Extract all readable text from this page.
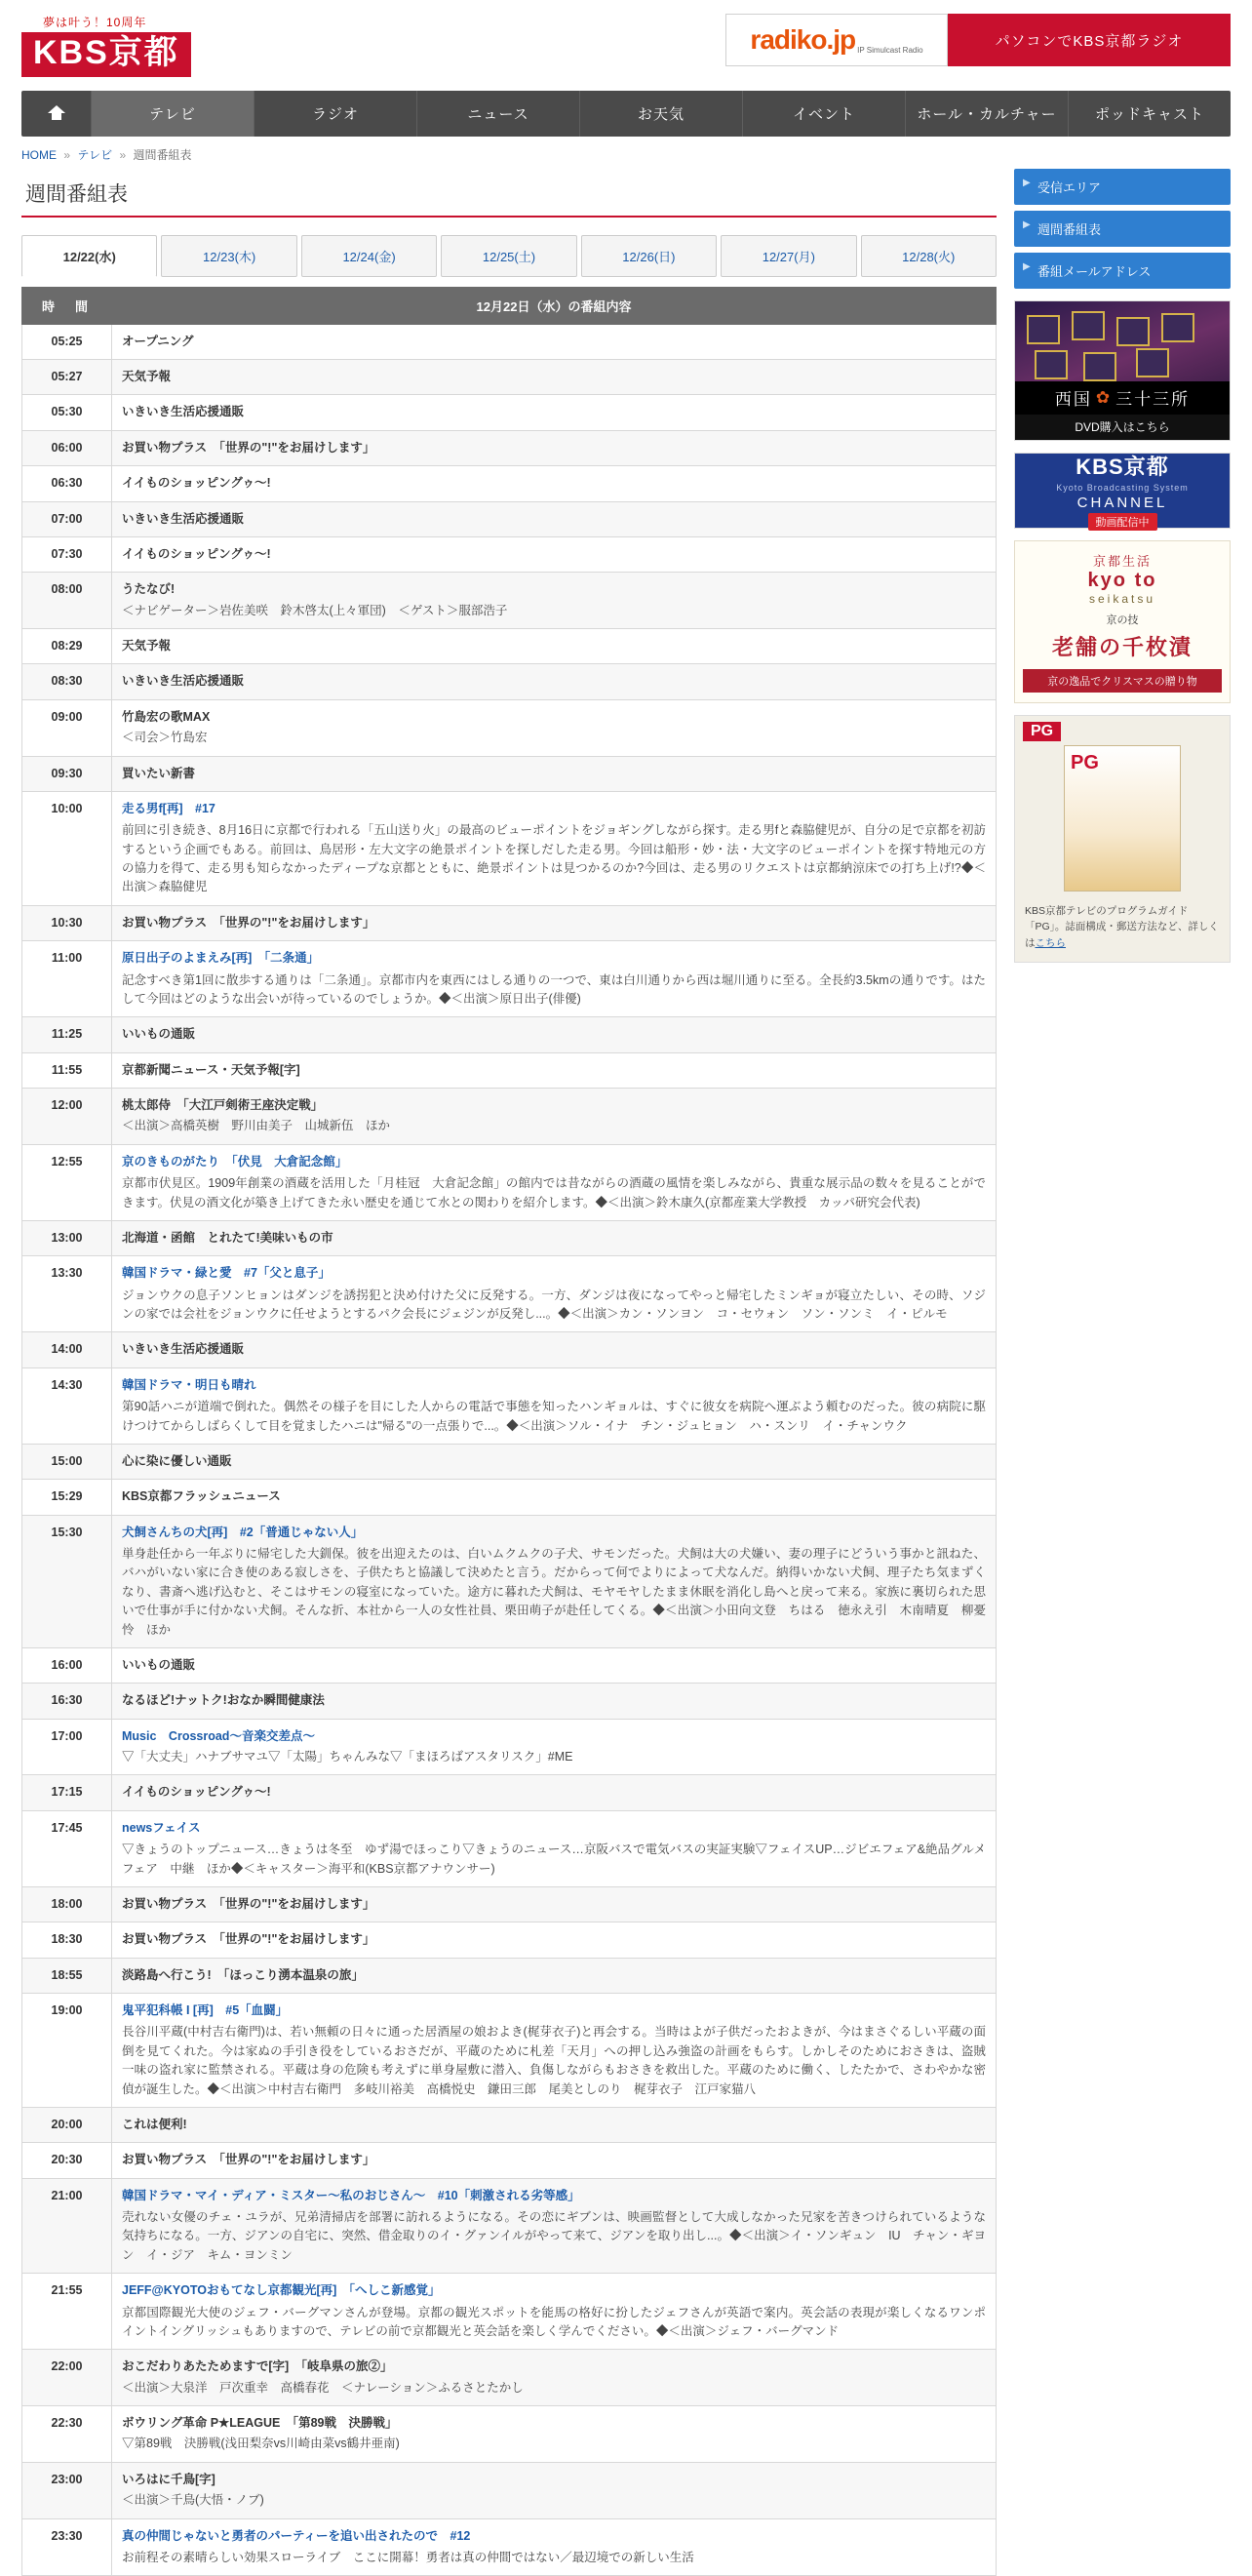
夢は叶う！10周年
KBS京都	radiko.jp IP Simulcast Radio
パソコンでKBS京都ラジオ
テレビ	ラジオ	ニュース	お天気	イベント	ホール・カルチャー	ポッドキャスト
HOME » テレビ » 週間番組表
週間番組表
12/22(水)	12/23(木)	12/24(金)	12/25(土)	12/26(日)	12/27(月)	12/28(火)
時　間	12月22日（水）の番組内容
05:25	オープニング

05:27	天気予報

05:30	いきいき生活応援通販

06:00	お買い物プラス　「世界の"!"をお届けします」

06:30	イイものショッピングゥ～!

07:00	いきいき生活応援通販

07:30	イイものショッピングゥ～!

08:00	うたなび!
＜ナビゲーター＞岩佐美咲　鈴木啓太(上々軍団)　＜ゲスト＞服部浩子

08:29	天気予報

08:30	いきいき生活応援通販

09:00	竹島宏の歌MAX
＜司会＞竹島宏

09:30	買いたい新書

10:00	走る男f[再]　#17
前回に引き続き、8月16日に京都で行われる「五山送り火」の最高のビューポイントをジョギングしながら探す。走る男fと森脇健児が、自分の足で京都を初訪するという企画でもある。前回は、鳥居形・左大文字の絶景ポイントを探しだした走る男。今回は船形・妙・法・大文字のビューポイントを探す特地元の方の協力を得て、走る男も知らなかったディープな京都とともに、絶景ポイントは見つかるのか?今回は、走る男のリクエストは京都納涼床での打ち上げ!?◆＜出演＞森脇健児

10:30	お買い物プラス　「世界の"!"をお届けします」

11:00	原日出子のよまえみ[再]　「二条通」
記念すべき第1回に散歩する通りは「二条通」。京都市内を東西にはしる通りの一つで、東は白川通りから西は堀川通りに至る。全長約3.5kmの通りです。はたして今回はどのような出会いが待っているのでしょうか。◆＜出演＞原日出子(俳優)

11:25	いいもの通販

11:55	京都新聞ニュース・天気予報[字]

12:00	桃太郎侍　「大江戸剣術王座決定戦」
＜出演＞高橋英樹　野川由美子　山城新伍　ほか

12:55	京のきものがたり　「伏見　大倉記念館」
京都市伏見区。1909年創業の酒蔵を活用した「月桂冠　大倉記念館」の館内では昔ながらの酒蔵の風情を楽しみながら、貴重な展示品の数々を見ることができます。伏見の酒文化が築き上げてきた永い歴史を通じて水との関わりを紹介します。◆＜出演＞鈴木康久(京都産業大学教授　カッパ研究会代表)

13:00	北海道・函館　とれたて!美味いもの市

13:30	韓国ドラマ・緑と愛　#7「父と息子」
ジョンウクの息子ソンヒョンはダンジを誘拐犯と決め付けた父に反発する。一方、ダンジは夜になってやっと帰宅したミンギョが寝立たしい、その時、ソジンの家では会社をジョンウクに任せようとするパク会長にジェジンが反発し...。◆＜出演＞カン・ソンヨン　コ・セウォン　ソン・ソンミ　イ・ピルモ

14:00	いきいき生活応援通販

14:30	韓国ドラマ・明日も晴れ
第90話ハニが道端で倒れた。偶然その様子を目にした人からの電話で事態を知ったハンギョルは、すぐに彼女を病院へ運ぶよう頼むのだった。彼の病院に駆けつけてからしばらくして目を覚ましたハニは"帰る"の一点張りで...。◆＜出演＞ソル・イナ　チン・ジュヒョン　ハ・スンリ　イ・チャンウク

15:00	心に染に優しい通販

15:29	KBS京都フラッシュニュース

15:30	犬飼さんちの犬[再]　#2「普通じゃない人」
単身赴任から一年ぶりに帰宅した大釧保。彼を出迎えたのは、白いムクムクの子犬、サモンだった。犬飼は大の犬嫌い、妻の理子にどういう事かと訊ねた、バハがいない家に合き使のある寂しさを、子供たちと協議して決めたと言う。だからって何でよりによって犬なんだ。納得いかない犬飼、理子たち気まずくなり、書斎へ逃げ込むと、そこはサモンの寝室になっていた。途方に暮れた犬飼は、モヤモヤしたまま休眠を消化し島へと戻って来る。家族に裏切られた思いで仕事が手に付かない犬飼。そんな折、本社から一人の女性社員、栗田萌子が赴任してくる。◆＜出演＞小田向文登　ちはる　徳永え引　木南晴夏　柳憂怜　ほか

16:00	いいもの通販

16:30	なるほど!ナットク!おなか瞬間健康法

17:00	Music　Crossroad～音楽交差点～
▽「大丈夫」ハナブサマユ▽「太陽」ちゃんみな▽「まほろばアスタリスク」#ME

17:15	イイものショッピングゥ～!

17:45	newsフェイス
▽きょうのトップニュース…きょうは冬至　ゆず湯でほっこり▽きょうのニュース…京阪バスで電気バスの実証実験▽フェイスUP…ジビエフェア&絶品グルメフェア　中継　ほか◆＜キャスター＞海平和(KBS京都アナウンサー)

18:00	お買い物プラス　「世界の"!"をお届けします」

18:30	お買い物プラス　「世界の"!"をお届けします」

18:55	淡路島へ行こう!　「ほっこり湧本温泉の旅」

19:00	鬼平犯科帳 I [再]　#5「血闘」
長谷川平蔵(中村吉右衛門)は、若い無頼の日々に通った居酒屋の娘およき(梶芽衣子)と再会する。当時はよが子供だったおよきが、今はまさぐるしい平蔵の面倒を見てくれた。今は家ぬの手引き役をしているおさだが、平蔵のために札差「天月」への押し込み強盗の計画をもらす。しかしそのためにおさきは、盗賊一味の盗れ家に監禁される。平蔵は身の危険も考えずに単身屋敷に潜入、負傷しながらもおさきを救出した。平蔵のために働く、したたかで、さわやかな密偵が誕生した。◆＜出演＞中村吉右衛門　多岐川裕美　高橋悦史　鎌田三郎　尾美としのり　梶芽衣子　江戸家猫八

20:00	これは便利!

20:30	お買い物プラス　「世界の"!"をお届けします」

21:00	韓国ドラマ・マイ・ディア・ミスター～私のおじさん～　#10「刺激される劣等感」
売れない女優のチェ・ユラが、兄弟清掃店を部署に訪れるようになる。その恋にギブンは、映画監督として大成しなかった兄家を苦きつけられているような気持ちになる。一方、ジアンの自宅に、突然、借金取りのイ・グァンイルがやって来て、ジアンを取り出し...。◆＜出演＞イ・ソンギュン　IU　チャン・ギヨン　イ・ジア　キム・ヨンミン

21:55	JEFF@KYOTOおもてなし京都観光[再]　「へしこ新感覚」
京都国際観光大使のジェフ・バーグマンさんが登場。京都の観光スポットを能馬の格好に扮したジェフさんが英語で案内。英会話の表現が楽しくなるワンポイントイングリッシュもありますので、テレビの前で京都観光と英会話を楽しく学んでください。◆＜出演＞ジェフ・バーグマンド

22:00	おこだわりあたためますで[字]　「岐阜県の旅②」
＜出演＞大泉洋　戸次重幸　高橋春花　＜ナレーション＞ふるさとたかし

22:30	ボウリング革命 P★LEAGUE　「第89戦　決勝戦」
▽第89戦　決勝戦(浅田梨奈vs川崎由菜vs鶴井亜南)

23:00	いろはに千鳥[字]
＜出演＞千鳥(大悟・ノブ)

23:30	真の仲間じゃないと勇者のパーティーを追い出されたので　#12
お前程その素晴らしい効果スローライブ　ここに開幕！勇者は真の仲間ではない／最辺境での新しい生活
▶ 受信エリア
▶ 週間番組表
▶ 番組メールアドレス
西国 ✿ 三十三所
DVD購入はこちら
KBS京都
Kyoto Broadcasting System
CHANNEL
動画配信中
京都生活
kyo to
seikatsu
京の技
老舗の千枚漬
京の逸品でクリスマスの贈り物
PG
PG
KBS京都テレビのプログラムガイド「PG」。誌面構成・郵送方法など、詳しくはこちら
